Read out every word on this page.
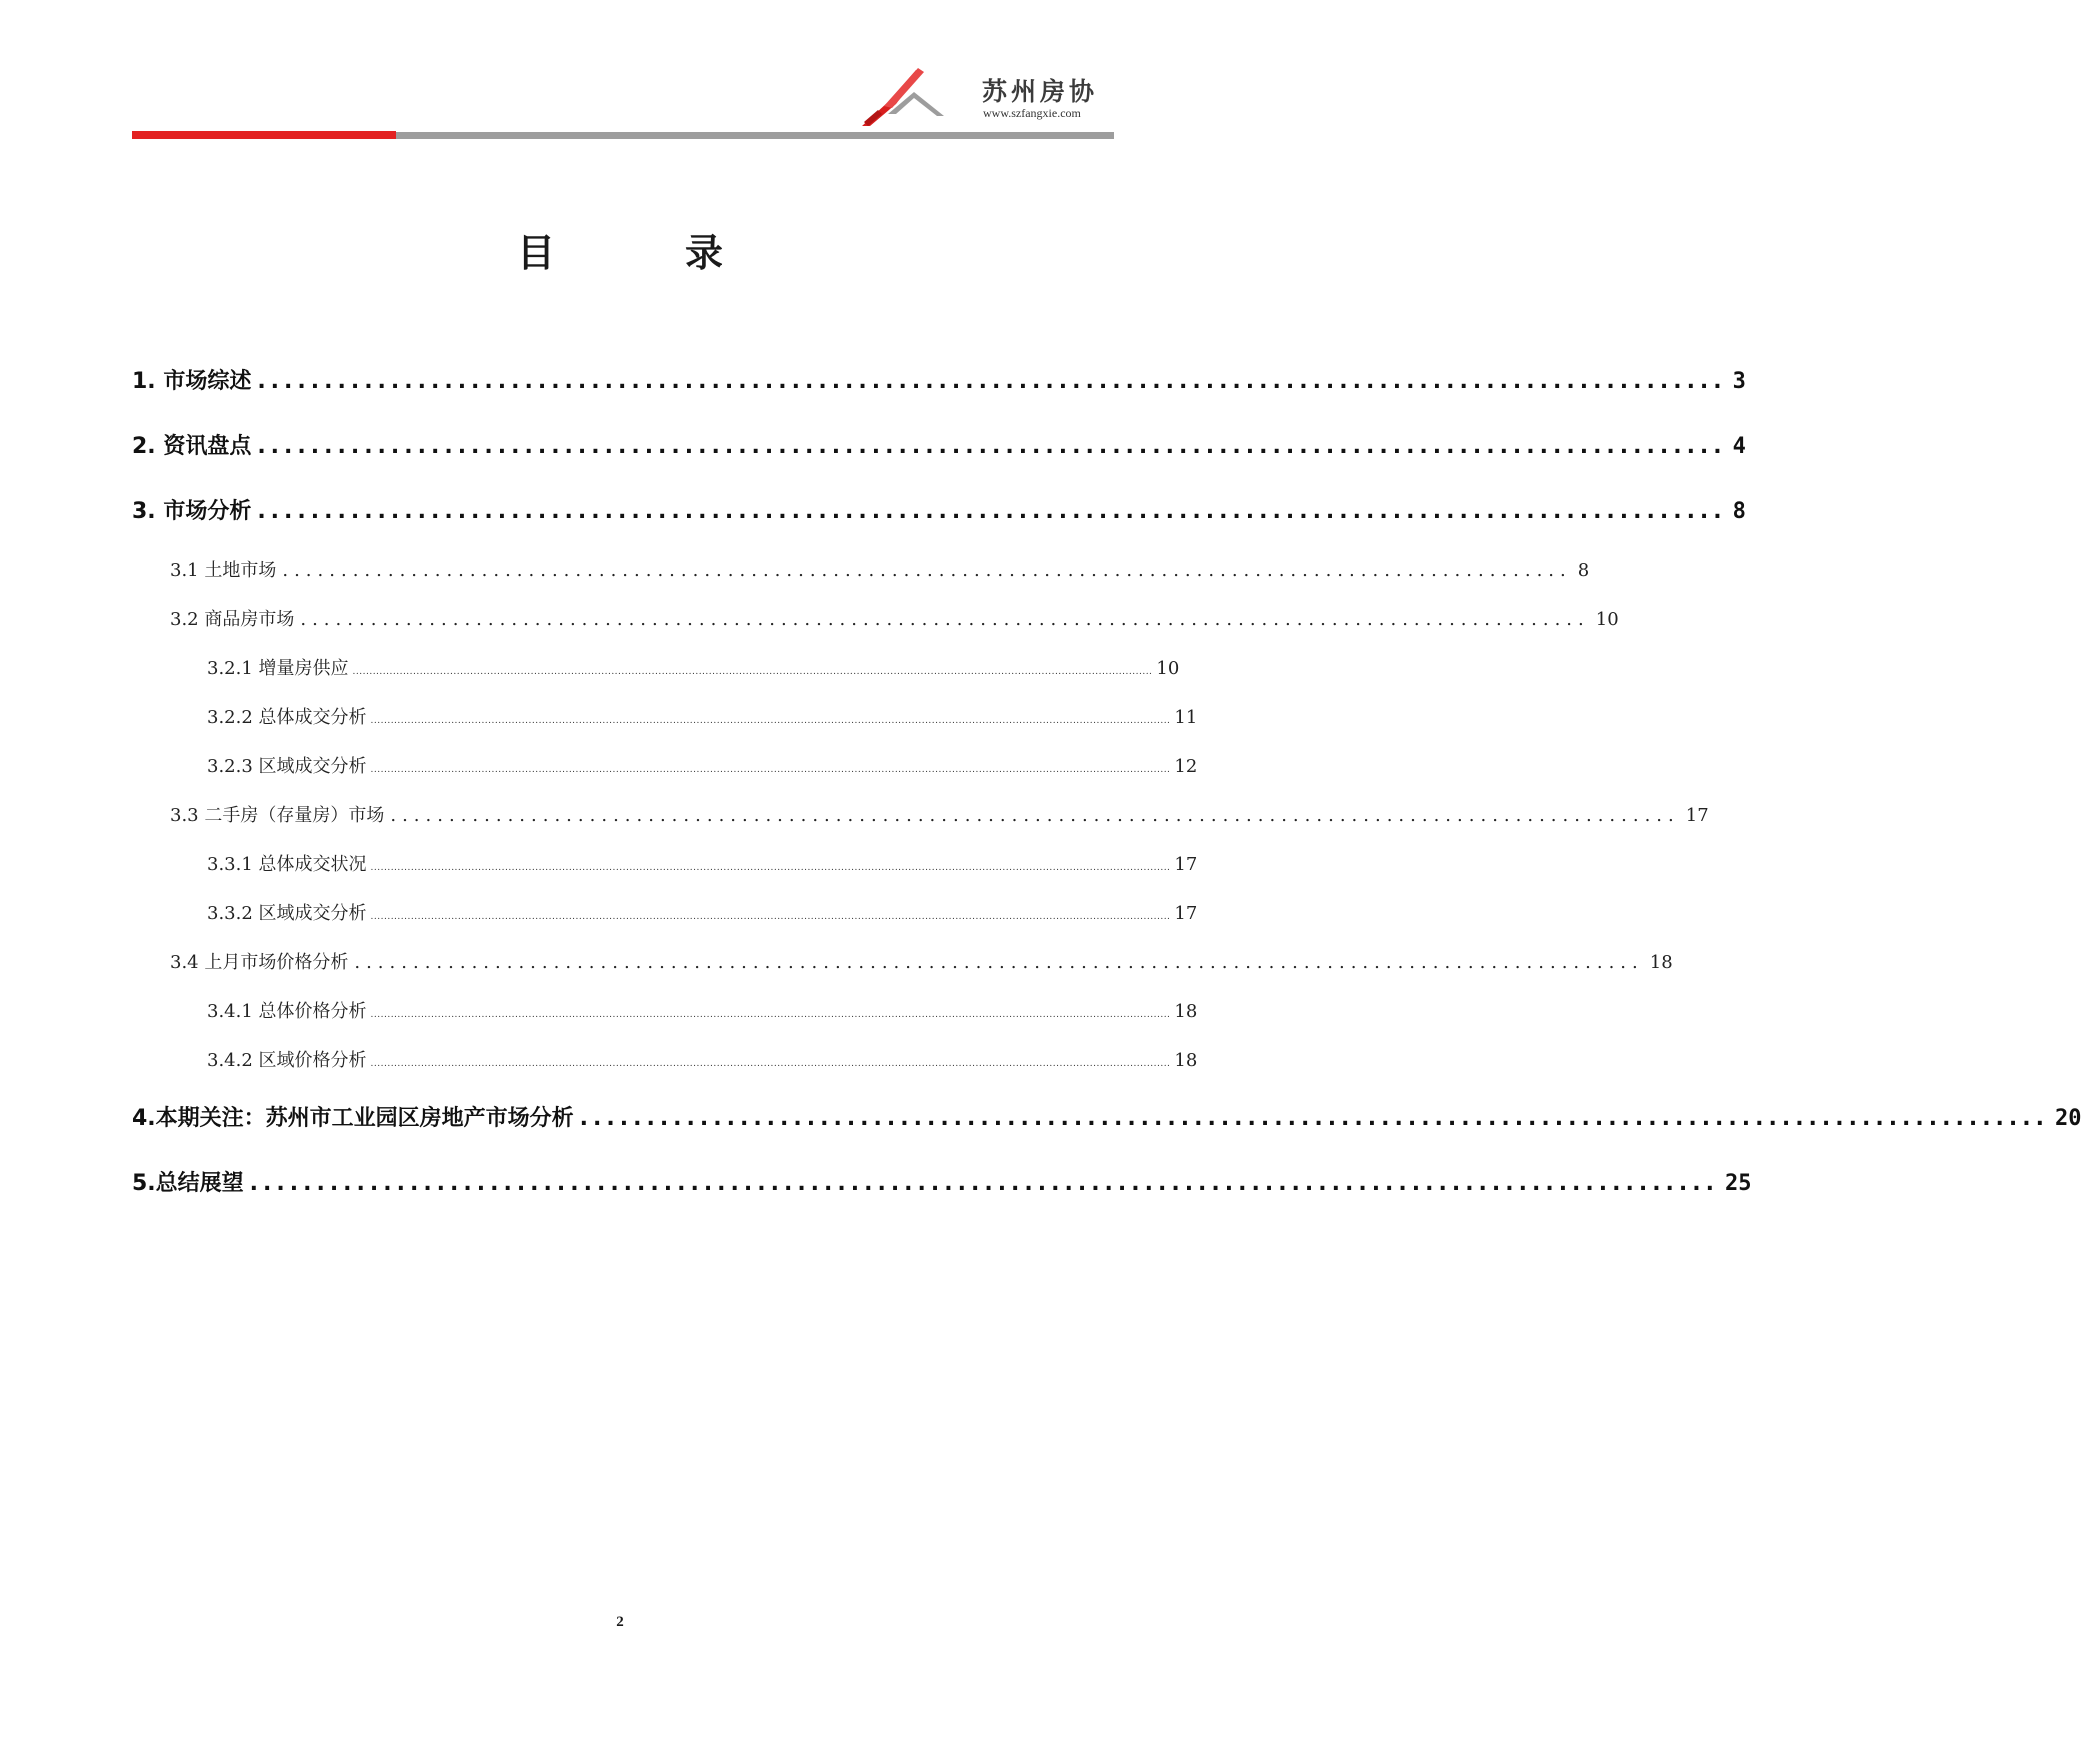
苏州房协
www.szfangxie.com
目录
1. 市场综述 .............................................................................................................. 3
2. 资讯盘点 .............................................................................................................. 4
3. 市场分析 .............................................................................................................. 8
3.1 土地市场 .............................................................................................................. 8
3.2 商品房市场 .............................................................................................................. 10
3.2.1 增量房供应 .............................................................................................................................................................................................................................................. 10
3.2.2 总体成交分析 .............................................................................................................................................................................................................................................. 11
3.2.3 区域成交分析 .............................................................................................................................................................................................................................................. 12
3.3 二手房（存量房）市场 .............................................................................................................. 17
3.3.1 总体成交状况 .............................................................................................................................................................................................................................................. 17
3.3.2 区域成交分析 .............................................................................................................................................................................................................................................. 17
3.4 上月市场价格分析 .............................................................................................................. 18
3.4.1 总体价格分析 .............................................................................................................................................................................................................................................. 18
3.4.2 区域价格分析 .............................................................................................................................................................................................................................................. 18
4.本期关注：苏州市工业园区房地产市场分析 .............................................................................................................. 20
5.总结展望 .............................................................................................................. 25
2
